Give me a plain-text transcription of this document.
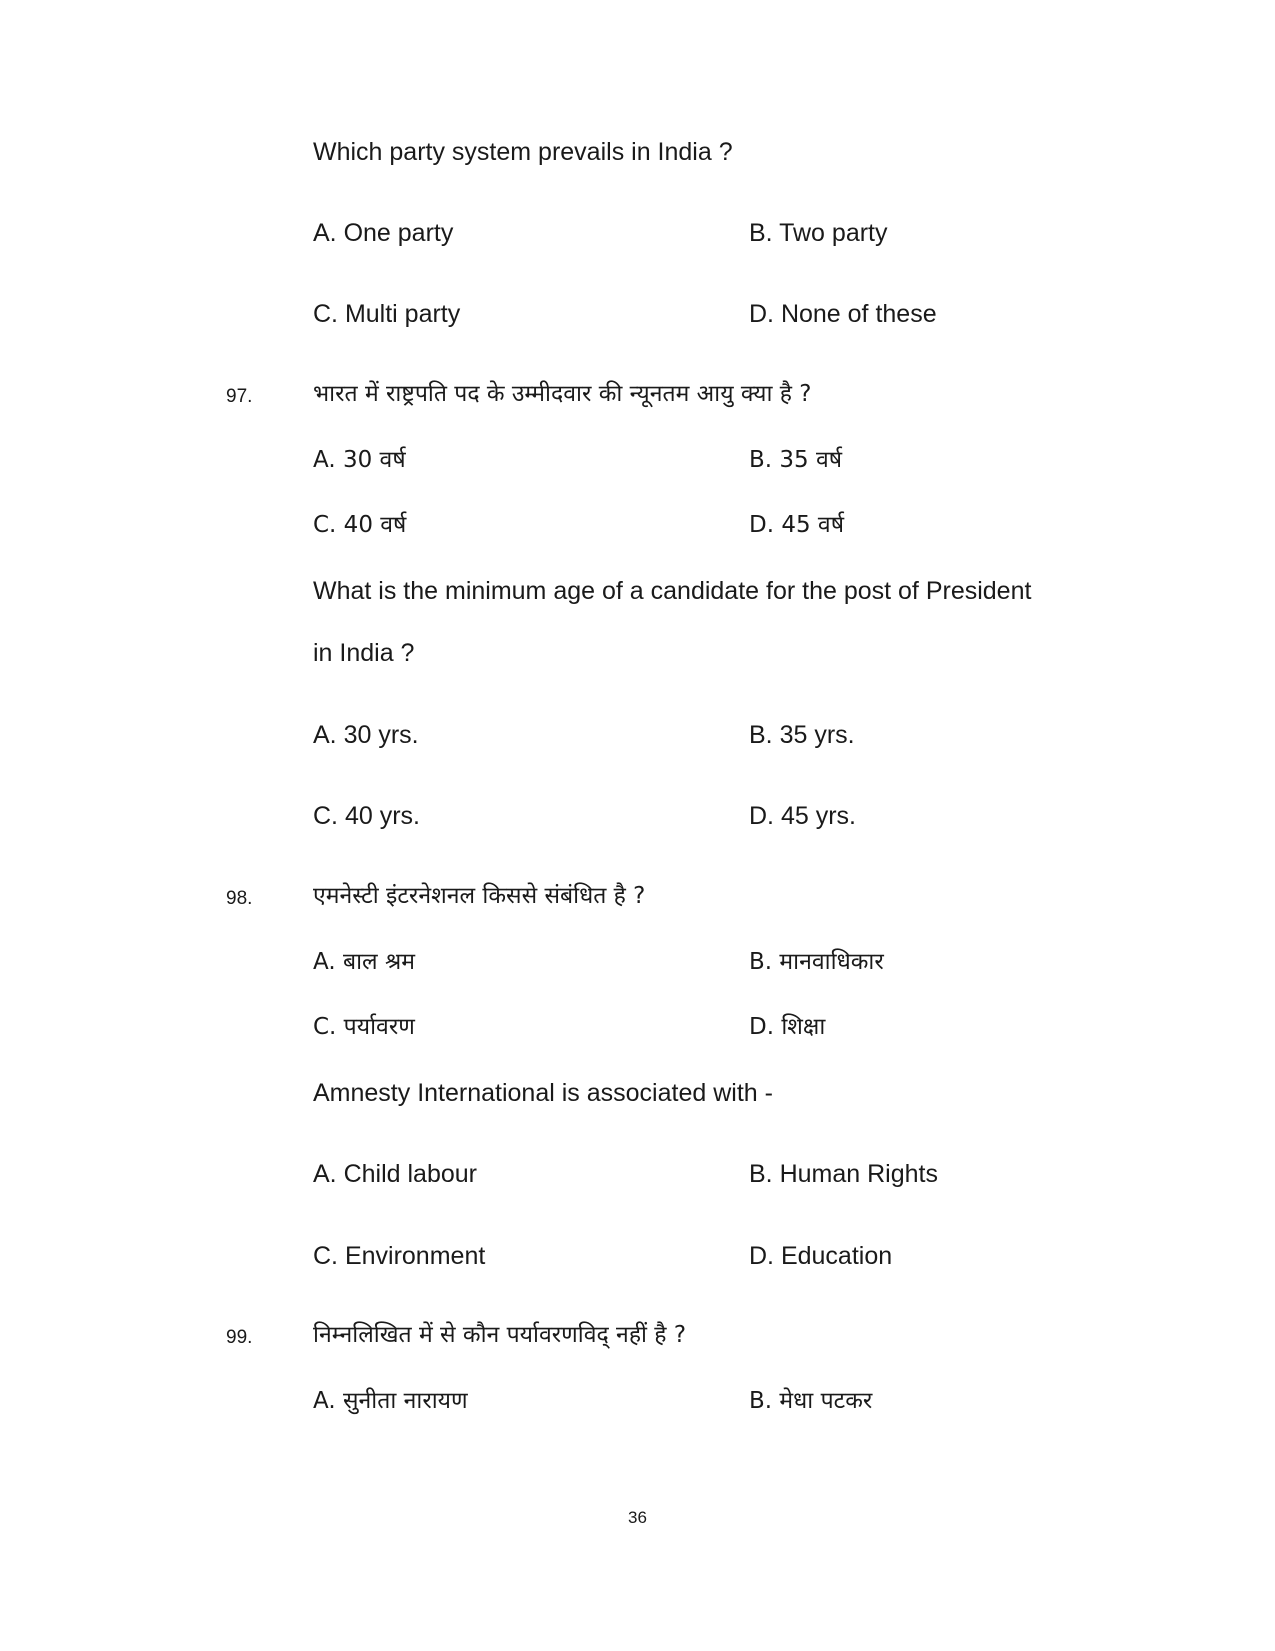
Which party system prevails in India ?
A. One party	B. Two party
C. Multi party	D. None of these
97.	भारत में राष्ट्रपति पद के उम्मीदवार की न्यूनतम आयु क्या है ?
A. 30 वर्ष	B. 35 वर्ष
C. 40 वर्ष	D. 45 वर्ष
What is the minimum age of a candidate for the post of President
in India ?
A. 30 yrs.	B. 35 yrs.
C. 40 yrs.	D. 45 yrs.
98.	एमनेस्टी इंटरनेशनल किससे संबंधित है ?
A. बाल श्रम	B. मानवाधिकार
C. पर्यावरण	D. शिक्षा
Amnesty International is associated with -
A. Child labour	B. Human Rights
C. Environment	D. Education
99.	निम्नलिखित में से कौन पर्यावरणविद् नहीं है ?
A. सुनीता नारायण	B. मेधा पटकर
36
